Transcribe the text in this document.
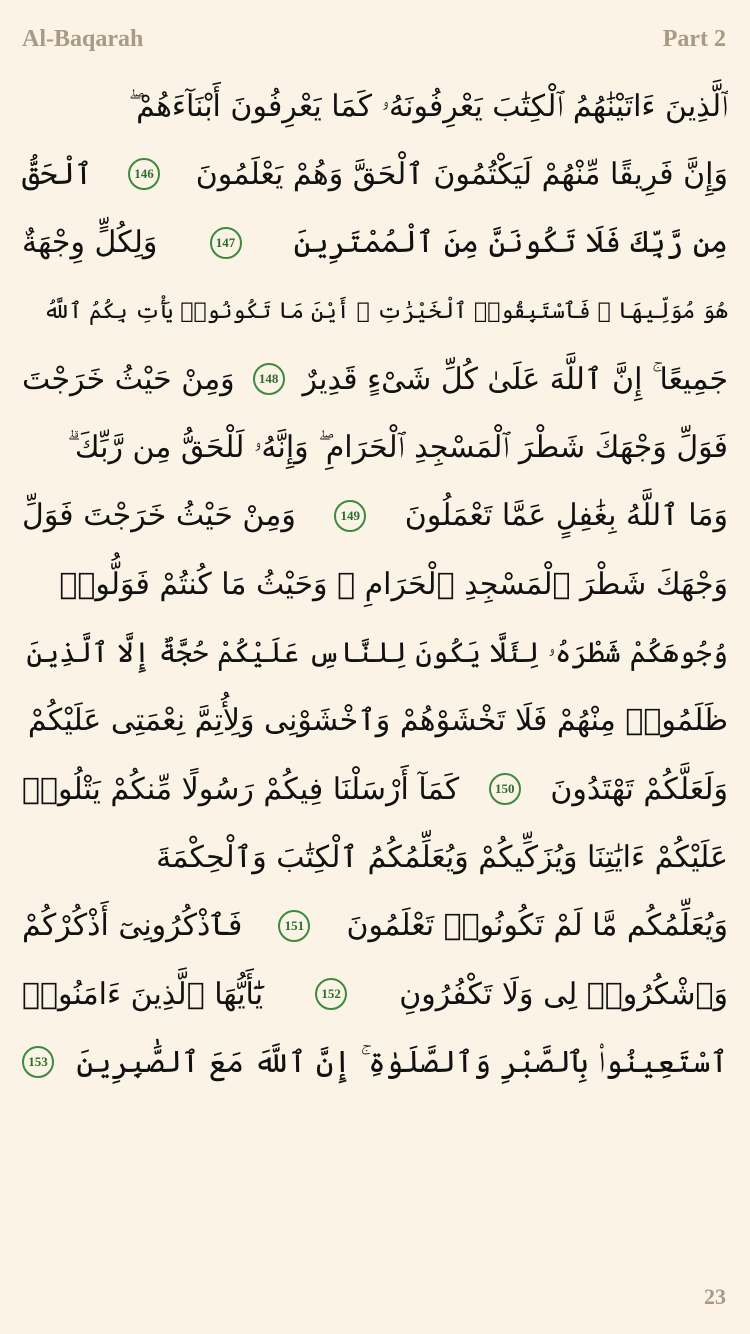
Al-Baqarah	Part 2
ٱلَّذِينَ ءَاتَيْنَٰهُمُ ٱلْكِتَٰبَ يَعْرِفُونَهُۥ كَمَا يَعْرِفُونَ أَبْنَآءَهُمْ ۖ
وَإِنَّ فَرِيقًا مِّنْهُمْ لَيَكْتُمُونَ ٱلْحَقَّ وَهُمْ يَعْلَمُونَ
146
ٱلْحَقُّ
مِن رَّبِّكَ فَلَا تَكُونَنَّ مِنَ ٱلْمُمْتَرِينَ
147
وَلِكُلٍّ وِجْهَةٌ
هُوَ مُوَلِّيهَا ۖ فَٱسْتَبِقُوا۟ ٱلْخَيْرَٰتِ ۚ أَيْنَ مَا تَكُونُوا۟ يَأْتِ بِكُمُ ٱللَّهُ
جَمِيعًا ۚ إِنَّ ٱللَّهَ عَلَىٰ كُلِّ شَىْءٍ قَدِيرٌ
148
وَمِنْ حَيْثُ خَرَجْتَ
فَوَلِّ وَجْهَكَ شَطْرَ ٱلْمَسْجِدِ ٱلْحَرَامِ ۖ وَإِنَّهُۥ لَلْحَقُّ مِن رَّبِّكَ ۗ
وَمَا ٱللَّهُ بِغَٰفِلٍ عَمَّا تَعْمَلُونَ
149
وَمِنْ حَيْثُ خَرَجْتَ فَوَلِّ
وَجْهَكَ شَطْرَ ٱلْمَسْجِدِ ٱلْحَرَامِ ۚ وَحَيْثُ مَا كُنتُمْ فَوَلُّوا۟
وُجُوهَكُمْ شَطْرَهُۥ لِئَلَّا يَكُونَ لِلنَّاسِ عَلَيْكُمْ حُجَّةٌ إِلَّا ٱلَّذِينَ
ظَلَمُوا۟ مِنْهُمْ فَلَا تَخْشَوْهُمْ وَٱخْشَوْنِى وَلِأُتِمَّ نِعْمَتِى عَلَيْكُمْ
وَلَعَلَّكُمْ تَهْتَدُونَ
150
كَمَآ أَرْسَلْنَا فِيكُمْ رَسُولًا مِّنكُمْ يَتْلُوا۟
عَلَيْكُمْ ءَايَٰتِنَا وَيُزَكِّيكُمْ وَيُعَلِّمُكُمُ ٱلْكِتَٰبَ وَٱلْحِكْمَةَ
وَيُعَلِّمُكُم مَّا لَمْ تَكُونُوا۟ تَعْلَمُونَ
151
فَٱذْكُرُونِىٓ أَذْكُرْكُمْ
وَٱشْكُرُوا۟ لِى وَلَا تَكْفُرُونِ
152
يَٰٓأَيُّهَا ٱلَّذِينَ ءَامَنُوا۟
ٱسْتَعِينُوا۟ بِٱلصَّبْرِ وَٱلصَّلَوٰةِ ۚ إِنَّ ٱللَّهَ مَعَ ٱلصَّٰبِرِينَ
153
23
